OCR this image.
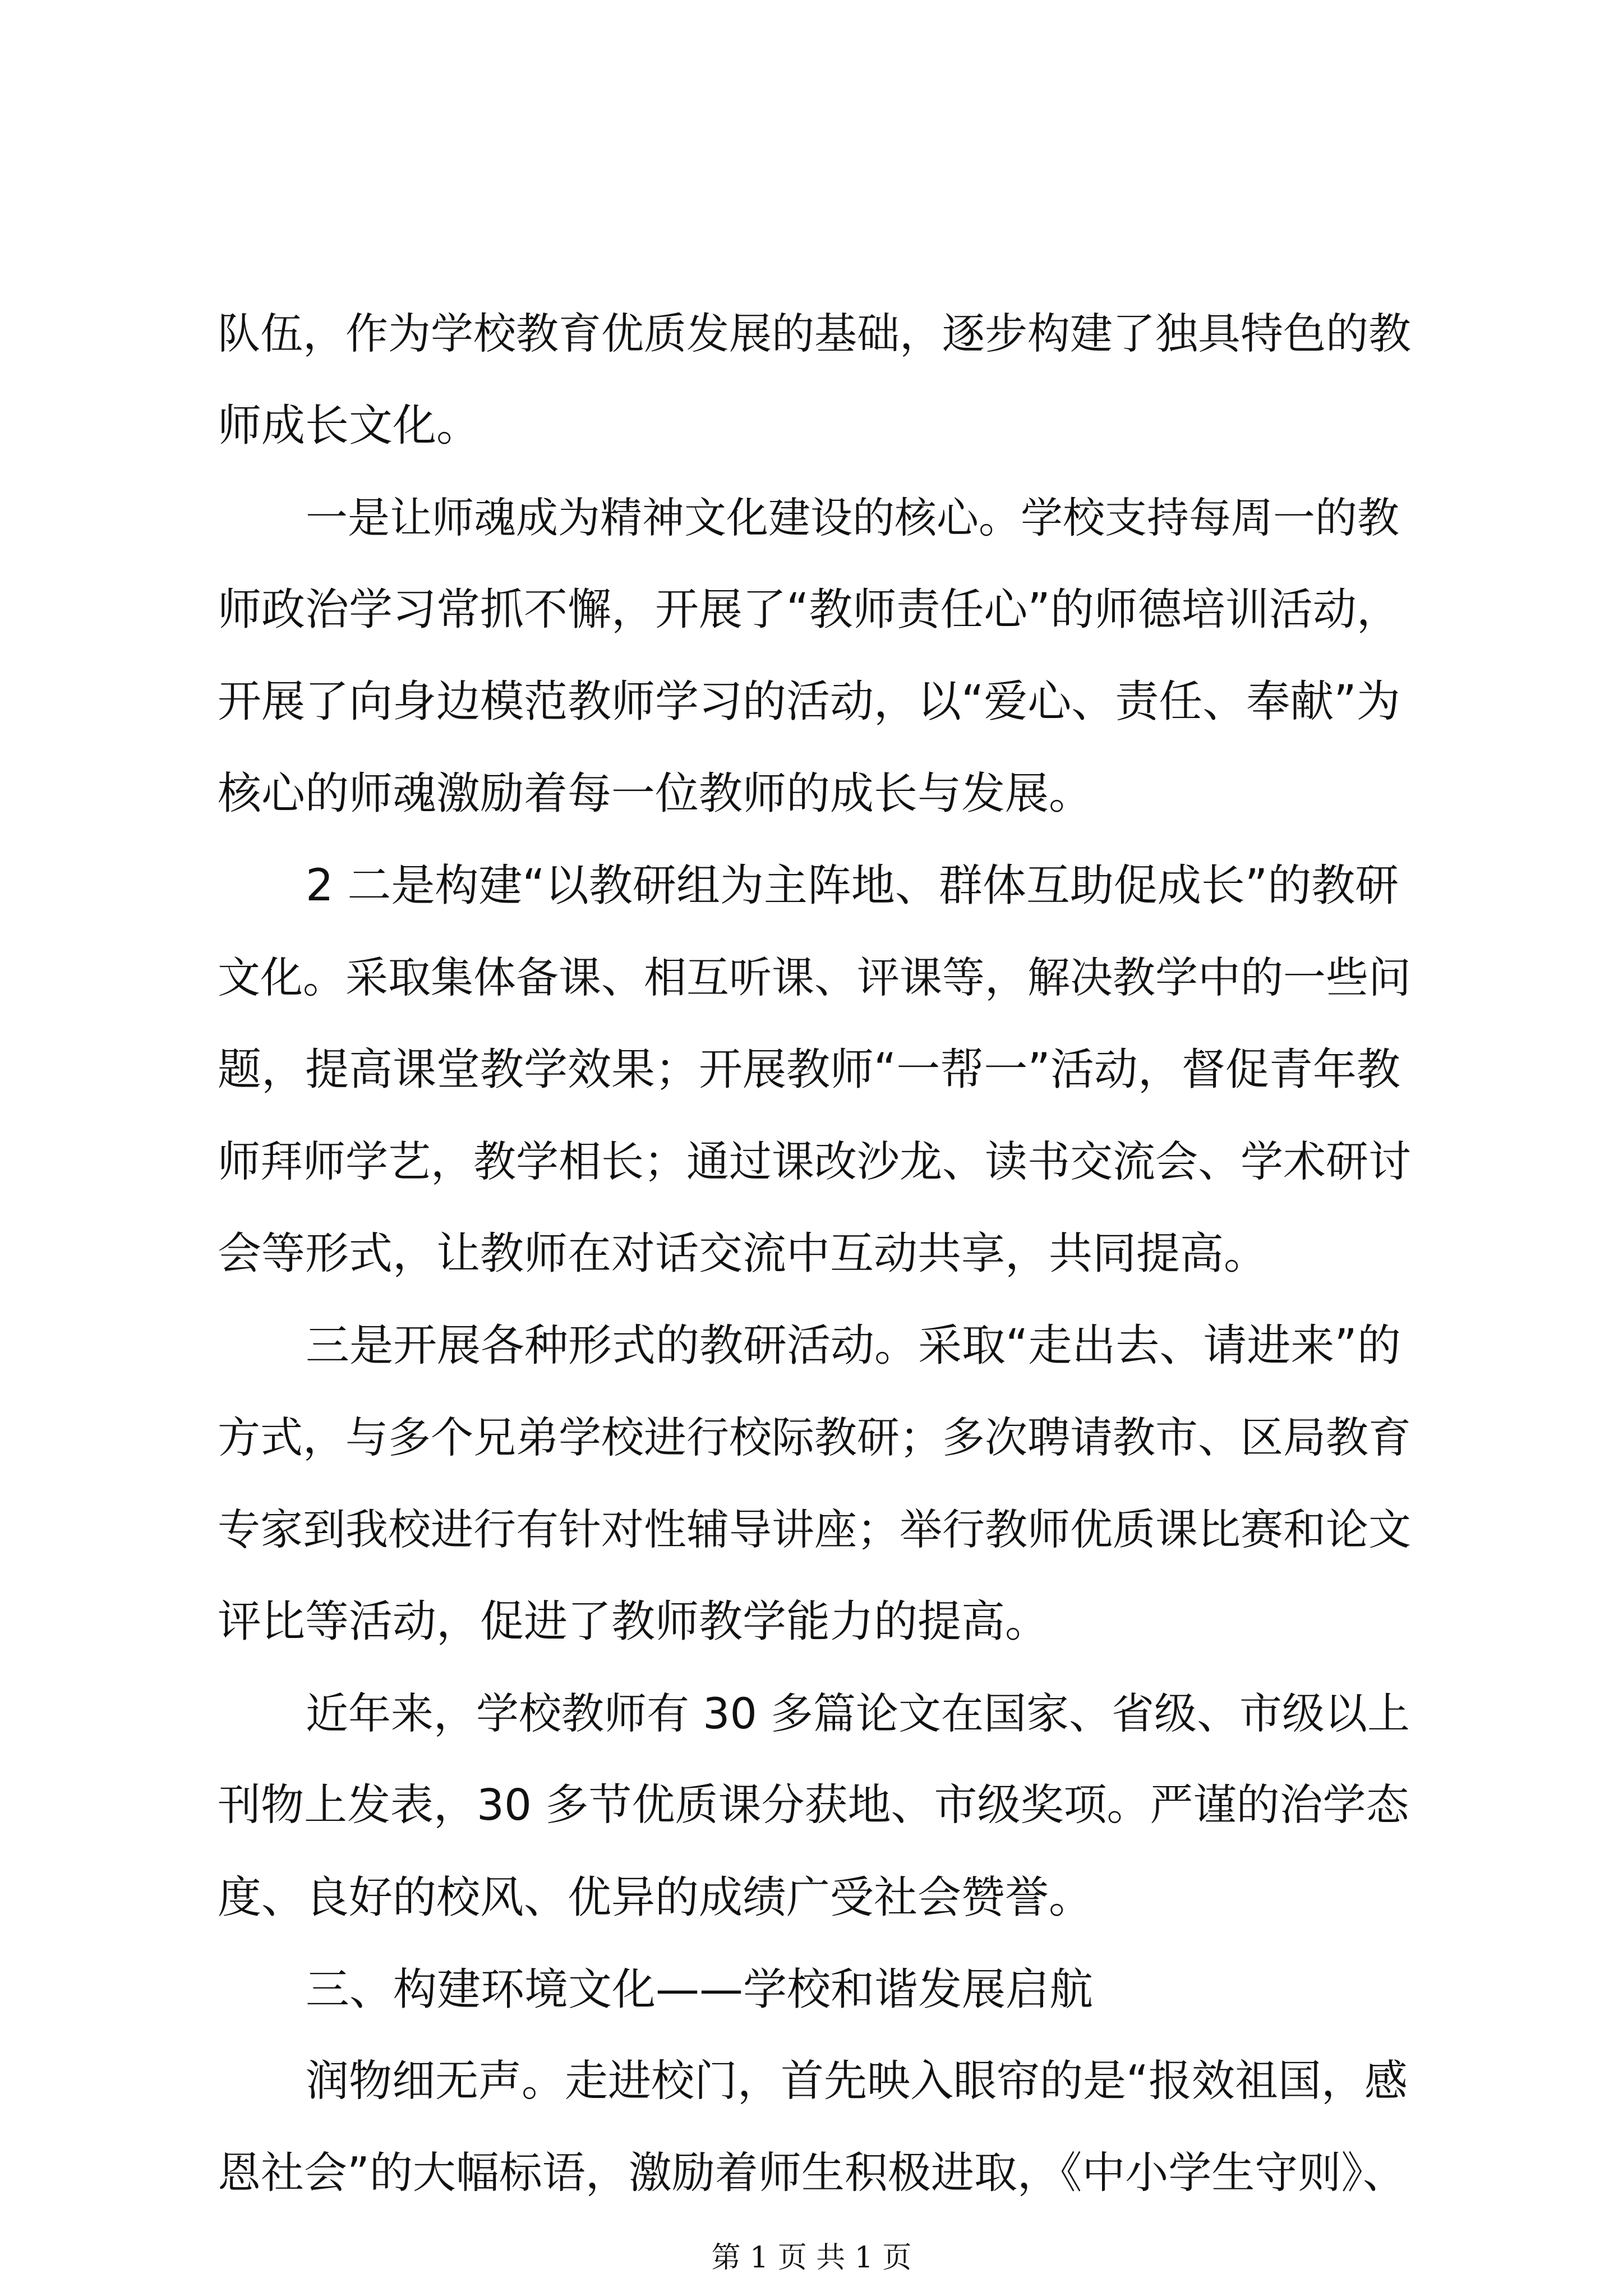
队伍，作为学校教育优质发展的基础，逐步构建了独具特色的教
师成长文化。
一是让师魂成为精神文化建设的核心。学校支持每周一的教
师政治学习常抓不懈，开展了“教师责任心”的师德培训活动，
开展了向身边模范教师学习的活动，以“爱心、责任、奉献”为
核心的师魂激励着每一位教师的成长与发展。
2 二是构建“以教研组为主阵地、群体互助促成长”的教研
文化。采取集体备课、相互听课、评课等，解决教学中的一些问
题，提高课堂教学效果；开展教师“一帮一”活动，督促青年教
师拜师学艺，教学相长；通过课改沙龙、读书交流会、学术研讨
会等形式，让教师在对话交流中互动共享，共同提高。
三是开展各种形式的教研活动。采取“走出去、请进来”的
方式，与多个兄弟学校进行校际教研；多次聘请教市、区局教育
专家到我校进行有针对性辅导讲座；举行教师优质课比赛和论文
评比等活动，促进了教师教学能力的提高。
近年来，学校教师有 30 多篇论文在国家、省级、市级以上
刊物上发表，30 多节优质课分获地、市级奖项。严谨的治学态
度、良好的校风、优异的成绩广受社会赞誉。
三、构建环境文化——学校和谐发展启航
润物细无声。走进校门，首先映入眼帘的是“报效祖国，感
恩社会”的大幅标语，激励着师生积极进取，《中小学生守则》、
第 1 页 共 1 页
